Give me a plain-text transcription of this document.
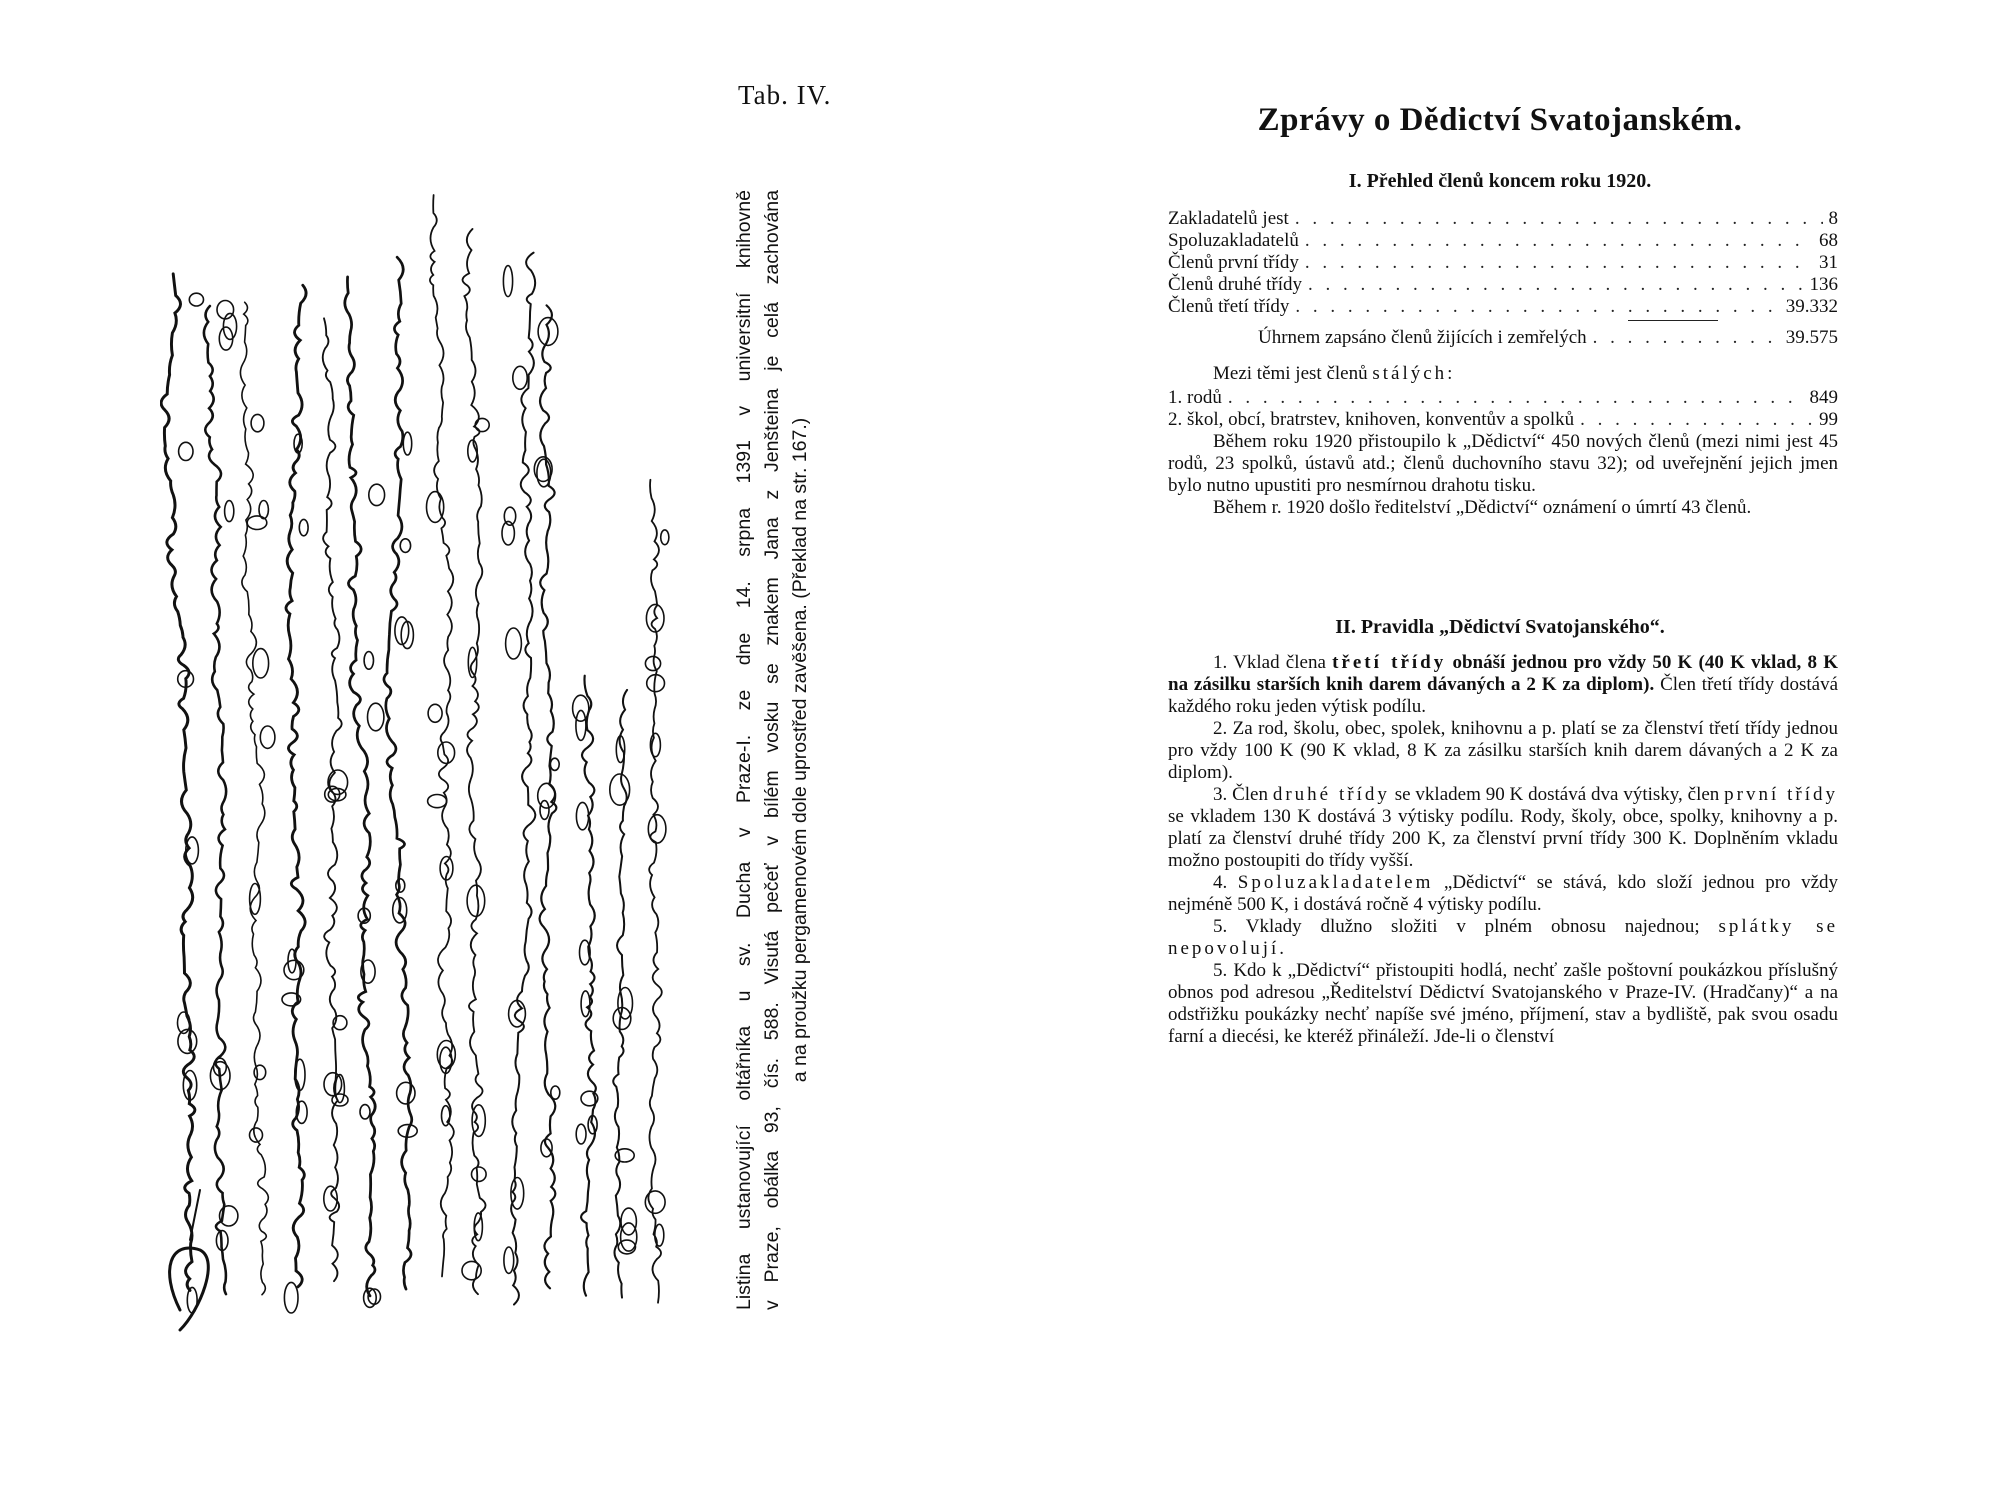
Tab. IV.
Listina ustanovující oltářníka u sv. Ducha v Praze-I. ze dne 14. srpna 1391 v universitní knihovně v Praze, obálka 93, čís. 588. Visutá pečeť v bílém vosku se znakem Jana z Jenšteina je celá zachována a na proužku pergamenovém dole uprostřed zavěšena. (Překlad na str. 167.)
Zprávy o Dědictví Svatojanském.
I. Přehled členů koncem roku 1920.
Zakladatelů jest . . .	8
Spoluzakladatelů . . .	68
Členů první třídy . . .	31
Členů druhé třídy . . .	136
Členů třetí třídy . . .	39.332
Úhrnem zapsáno členů žijících i zemřelých . . .	39.575
Mezi těmi jest členů stálých:
1. rodů . . .	849
2. škol, obcí, bratrstev, knihoven, konventův a spolků . . .	99

Během roku 1920 přistoupilo k „Dědictví“ 450 nových členů (mezi nimi jest 45 rodů, 23 spolků, ústavů atd.; členů duchovního stavu 32); od uveřejnění jejich jmen bylo nutno upustiti pro nesmírnou drahotu tisku.

Během r. 1920 došlo ředitelství „Dědictví“ oznámení o úmrtí 43 členů.

II. Pravidla „Dědictví Svatojanského“.

1. Vklad člena třetí třídy obnáší jednou pro vždy 50 K (40 K vklad, 8 K na zásilku starších knih darem dávaných a 2 K za diplom). Člen třetí třídy dostává každého roku jeden výtisk podílu.

2. Za rod, školu, obec, spolek, knihovnu a p. platí se za členství třetí třídy jednou pro vždy 100 K (90 K vklad, 8 K za zásilku starších knih darem dávaných a 2 K za diplom).

3. Člen druhé třídy se vkladem 90 K dostává dva výtisky, člen první třídy se vkladem 130 K dostává 3 výtisky podílu. Rody, školy, obce, spolky, knihovny a p. platí za členství druhé třídy 200 K, za členství první třídy 300 K. Doplněním vkladu možno postoupiti do třídy vyšší.

4. Spoluzakladatelem „Dědictví“ se stává, kdo složí jednou pro vždy nejméně 500 K, i dostává ročně 4 výtisky podílu.

5. Vklady dlužno složiti v plném obnosu najednou; splátky se nepovolují.

5. Kdo k „Dědictví“ přistoupiti hodlá, nechť zašle poštovní poukázkou příslušný obnos pod adresou „Ředitelství Dědictví Svatojanského v Praze-IV. (Hradčany)“ a na odstřižku poukázky nechť napíše své jméno, příjmení, stav a bydliště, pak svou osadu farní a diecési, ke kteréž přináleží. Jde-li o členství
